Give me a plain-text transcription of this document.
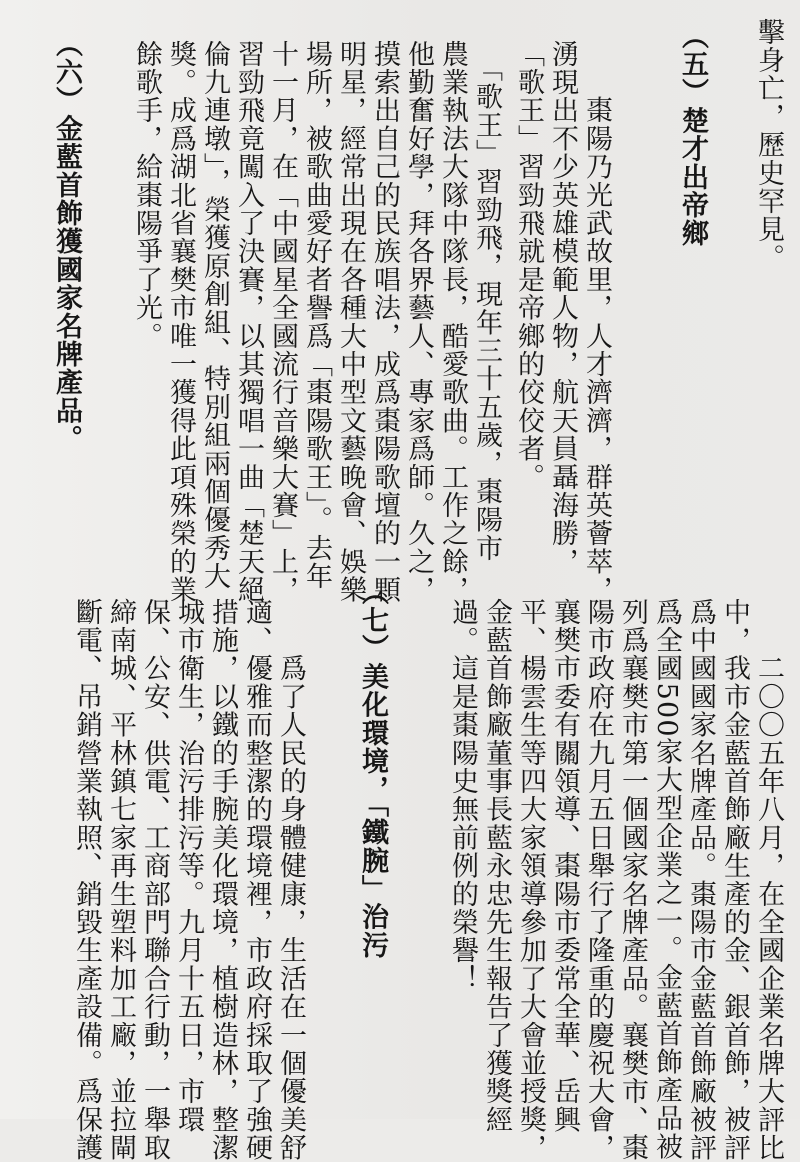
擊身亡，歷史罕見。
（五）楚才出帝鄉
　　棗陽乃光武故里，人才濟濟，群英薈萃，
湧現出不少英雄模範人物，航天員聶海勝，
「歌王」習勁飛就是帝鄉的佼佼者。
　「歌王」習勁飛，現年三十五歲，棗陽市
農業執法大隊中隊長，酷愛歌曲。工作之餘，
他勤奮好學，拜各界藝人、專家爲師。久之，
摸索出自己的民族唱法，成爲棗陽歌壇的一顆
明星，經常出現在各種大中型文藝晚會、娛樂
場所，被歌曲愛好者譽爲「棗陽歌王」。去年
十一月，在「中國星全國流行音樂大賽」上，
習勁飛竟闖入了決賽，以其獨唱一曲「楚天絕
倫九連墩」，榮獲原創組、特別組兩個優秀大
獎。成爲湖北省襄樊市唯一獲得此項殊榮的業
餘歌手，給棗陽爭了光。
（六）金藍首飾獲國家名牌產品。
　　二〇〇五年八月，在全國企業名牌大評比
中，我市金藍首飾廠生產的金、銀首飾，被評
爲中國國家名牌產品。棗陽市金藍首飾廠被評
爲全國500家大型企業之一。金藍首飾產品被
列爲襄樊市第一個國家名牌產品。襄樊市、棗
陽市政府在九月五日舉行了隆重的慶祝大會，
襄樊市委有關領導、棗陽市委常全華、岳興
平、楊雲生等四大家領導參加了大會並授獎，
金藍首飾廠董事長藍永忠先生報告了獲獎經
過。這是棗陽史無前例的榮譽！
（七）美化環境，「鐵腕」治污
　　爲了人民的身體健康，生活在一個優美舒
適、優雅而整潔的環境裡，市政府採取了強硬
措施，以鐵的手腕美化環境，植樹造林，整潔
城市衛生，治污排污等。九月十五日，市環
保、公安、供電、工商部門聯合行動，一舉取
締南城、平林鎮七家再生塑料加工廠，並拉閘
斷電、吊銷營業執照、銷毀生產設備。爲保護
